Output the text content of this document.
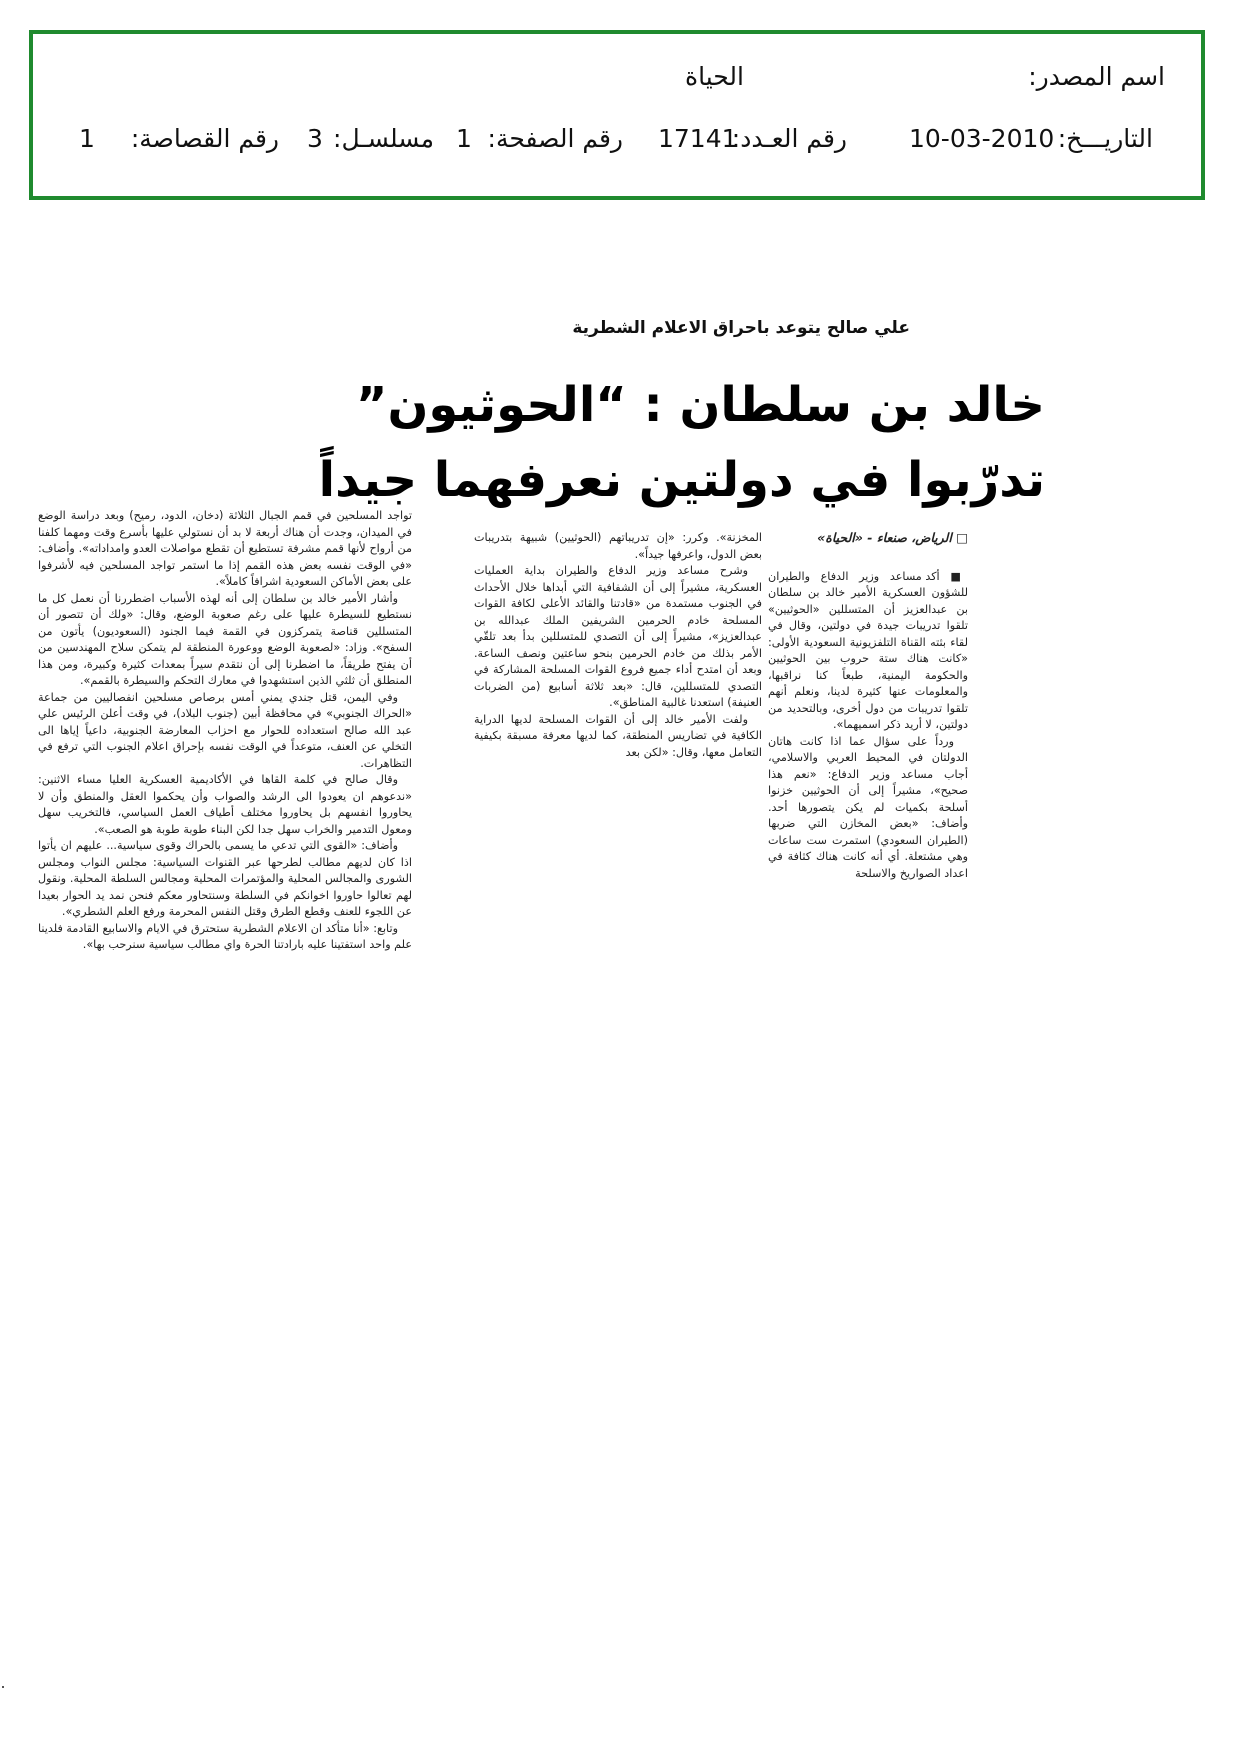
اسم المصدر:
الحياة
التاريـــخ:
10-03-2010
رقم العـدد:
17141
رقم الصفحة:
1
مسلسـل:
3
رقم القصاصة:
1
علي صالح يتوعد باحراق الاعلام الشطرية
خالد بن سلطان : “الحوثيون”
تدرّبوا في دولتين نعرفهما جيداً

□ الرياض، صنعاء - «الحياة»

■ أكد مساعد وزير الدفاع والطيران للشؤون العسكرية الأمير خالد بن سلطان بن عبدالعزيز أن المتسللين «الحوثيين» تلقوا تدريبات جيدة في دولتين، وقال في لقاء بثته القناة التلفزيونية السعودية الأولى: «كانت هناك ستة حروب بين الحوثيين والحكومة اليمنية، طبعاً كنا نراقبها، والمعلومات عنها كثيرة لدينا، ونعلم أنهم تلقوا تدريبات من دول أخرى، وبالتحديد من دولتين، لا أريد ذكر اسميهما».

ورداً على سؤال عما اذا كانت هاتان الدولتان في المحيط العربي والاسلامي، أجاب مساعد وزير الدفاع: «نعم هذا صحيح»، مشيراً إلى أن الحوثيين خزنوا أسلحة بكميات لم يكن يتصورها أحد. وأضاف: «بعض المخازن التي ضربها (الطيران السعودي) استمرت ست ساعات وهي مشتعلة. أي أنه كانت هناك كثافة في اعداد الصواريخ والاسلحة

المخزنة». وكرر: «إن تدريباتهم (الحوثيين) شبيهة بتدريبات بعض الدول، واعرفها جيداً».

وشرح مساعد وزير الدفاع والطيران بداية العمليات العسكرية، مشيراً إلى أن الشفافية التي أبداها خلال الأحداث في الجنوب مستمدة من «قادتنا والقائد الأعلى لكافة القوات المسلحة خادم الحرمين الشريفين الملك عبدالله بن عبدالعزيز»، مشيراً إلى أن التصدي للمتسللين بدأ بعد تلقّي الأمر بذلك من خادم الحرمين بنحو ساعتين ونصف الساعة. وبعد أن امتدح أداء جميع فروع القوات المسلحة المشاركة في التصدي للمتسللين، قال: «بعد ثلاثة أسابيع (من الضربات العنيفة) استعدنا غالبية المناطق».

ولفت الأمير خالد إلى أن القوات المسلحة لديها الدراية الكافية في تضاريس المنطقة، كما لديها معرفة مسبقة بكيفية التعامل معها، وقال: «لكن بعد

تواجد المسلحين في قمم الجبال الثلاثة (دخان، الدود، رميح) وبعد دراسة الوضع في الميدان، وجدت أن هناك أربعة لا بد أن نستولي عليها بأسرع وقت ومهما كلفنا من أرواح لأنها قمم مشرفة تستطيع أن تقطع مواصلات العدو وامداداته». وأضاف: «في الوقت نفسه بعض هذه القمم إذا ما استمر تواجد المسلحين فيه لأشرفوا على بعض الأماكن السعودية اشرافاً كاملاً».

وأشار الأمير خالد بن سلطان إلى أنه لهذه الأسباب اضطررنا أن نعمل كل ما نستطيع للسيطرة عليها على رغم صعوبة الوضع، وقال: «ولك أن تتصور أن المتسللين قناصة يتمركزون في القمة فيما الجنود (السعوديون) يأتون من السفح». وزاد: «لصعوبة الوضع ووعورة المنطقة لم يتمكن سلاح المهندسين من أن يفتح طريقاً، ما اضطرنا إلى أن نتقدم سيراً بمعدات كثيرة وكبيرة، ومن هذا المنطلق أن ثلثي الذين استشهدوا في معارك التحكم والسيطرة بالقمم».

وفي اليمن، قتل جندي يمني أمس برصاص مسلحين انفصاليين من جماعة «الحراك الجنوبي» في محافظة أبين (جنوب البلاد)، في وقت أعلن الرئيس علي عبد الله صالح استعداده للحوار مع احزاب المعارضة الجنوبية، داعياً إياها الى التخلي عن العنف، متوعداً في الوقت نفسه بإحراق اعلام الجنوب التي ترفع في التظاهرات.

وقال صالح في كلمة القاها في الأكاديمية العسكرية العليا مساء الاثنين: «ندعوهم ان يعودوا الى الرشد والصواب وأن يحكموا العقل والمنطق وأن لا يحاوروا انفسهم بل يحاوروا مختلف أطياف العمل السياسي، فالتخريب سهل ومعول التدمير والخراب سهل جدا لكن البناء طوبة طوبة هو الصعب».

وأضاف: «القوى التي تدعي ما يسمى بالحراك وقوى سياسية... عليهم ان يأتوا اذا كان لديهم مطالب لطرحها عبر القنوات السياسية: مجلس النواب ومجلس الشورى والمجالس المحلية والمؤتمرات المحلية ومجالس السلطة المحلية. ونقول لهم تعالوا حاوروا اخوانكم في السلطة وسنتحاور معكم فنحن نمد يد الحوار بعيدا عن اللجوء للعنف وقطع الطرق وقتل النفس المحرمة ورفع العلم الشطري».

وتابع: «أنا متأكد ان الاعلام الشطرية ستحترق في الايام والاسابيع القادمة فلدينا علم واحد استفتينا عليه بارادتنا الحرة واي مطالب سياسية سنرحب بها».
